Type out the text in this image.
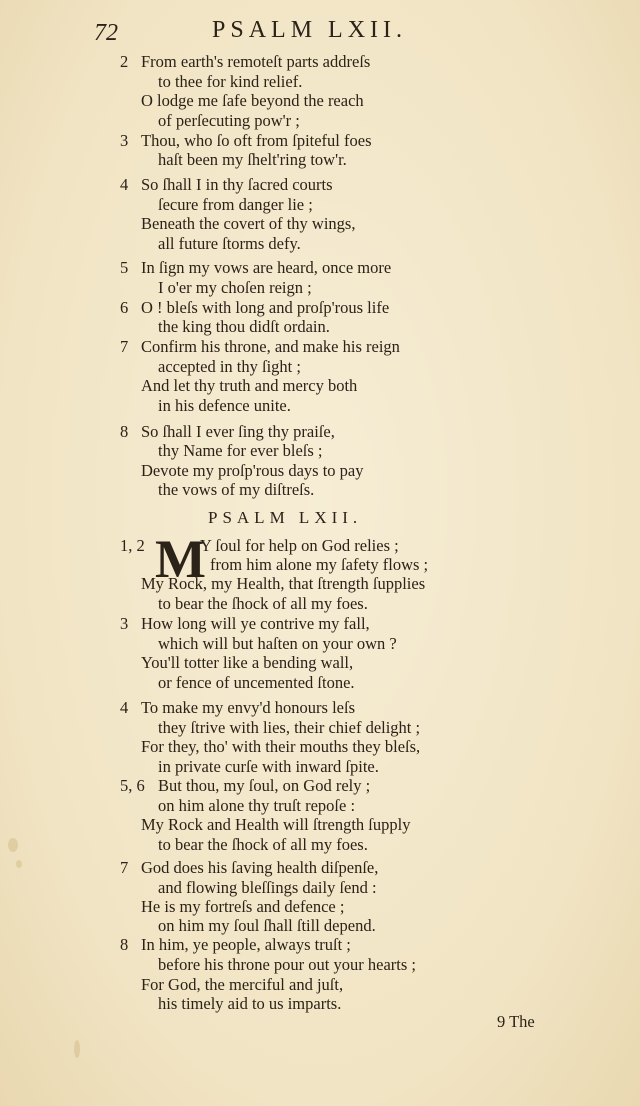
72	PSALM LXII.
2
3
4
5
6
7
8
1, 2
3
4
5, 6
7
8
From earth's remoteſt parts addreſs
to thee for kind relief.
O lodge me ſafe beyond the reach
of perſecuting pow'r ;
Thou, who ſo oft from ſpiteful foes
haſt been my ſhelt'ring tow'r.
So ſhall I in thy ſacred courts
ſecure from danger lie ;
Beneath the covert of thy wings,
all future ſtorms defy.
In ſign my vows are heard, once more
I o'er my choſen reign ;
O ! bleſs with long and proſp'rous life
the king thou didſt ordain.
Confirm his throne, and make his reign
accepted in thy ſight ;
And let thy truth and mercy both
in his defence unite.
So ſhall I ever ſing thy praiſe,
thy Name for ever bleſs ;
Devote my proſp'rous days to pay
the vows of my diſtreſs.
Y ſoul for help on God relies ;
from him alone my ſafety flows ;
My Rock, my Health, that ſtrength ſupplies
to bear the ſhock of all my foes.
How long will ye contrive my fall,
which will but haſten on your own ?
You'll totter like a bending wall,
or fence of uncemented ſtone.
To make my envy'd honours leſs
they ſtrive with lies, their chief delight ;
For they, tho' with their mouths they bleſs,
in private curſe with inward ſpite.
But thou, my ſoul, on God rely ;
on him alone thy truſt repoſe :
My Rock and Health will ſtrength ſupply
to bear the ſhock of all my foes.
God does his ſaving health diſpenſe,
and flowing bleſſings daily ſend :
He is my fortreſs and defence ;
on him my ſoul ſhall ſtill depend.
In him, ye people, always truſt ;
before his throne pour out your hearts ;
For God, the merciful and juſt,
his timely aid to us imparts.
PSALM LXII.
M
9 The
